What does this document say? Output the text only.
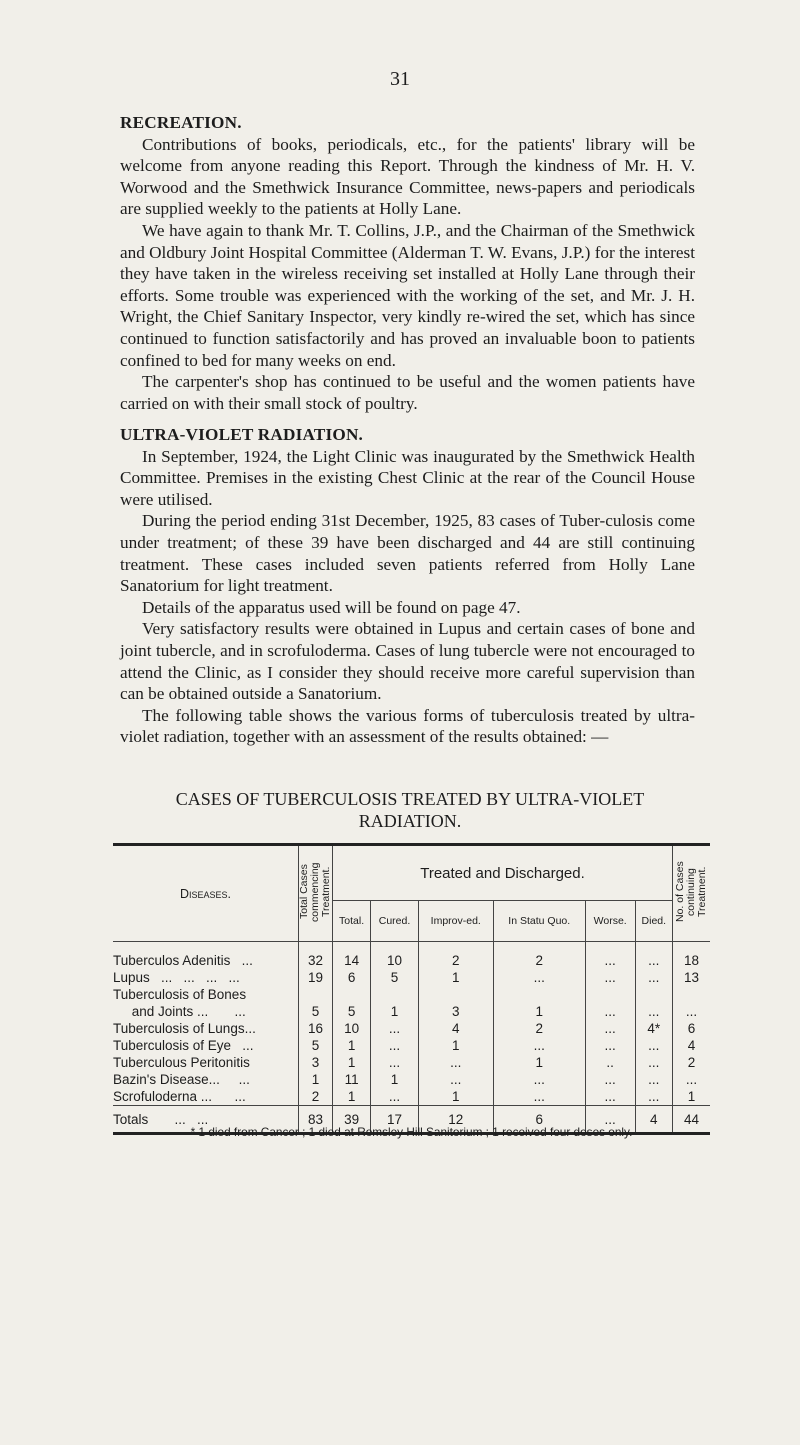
31

RECREATION.

Contributions of books, periodicals, etc., for the patients' library will be welcome from anyone reading this Report. Through the kindness of Mr. H. V. Worwood and the Smethwick Insurance Committee, news-papers and periodicals are supplied weekly to the patients at Holly Lane.

We have again to thank Mr. T. Collins, J.P., and the Chairman of the Smethwick and Oldbury Joint Hospital Committee (Alderman T. W. Evans, J.P.) for the interest they have taken in the wireless receiving set installed at Holly Lane through their efforts. Some trouble was experienced with the working of the set, and Mr. J. H. Wright, the Chief Sanitary Inspector, very kindly re-wired the set, which has since continued to function satisfactorily and has proved an invaluable boon to patients confined to bed for many weeks on end.

The carpenter's shop has continued to be useful and the women patients have carried on with their small stock of poultry.

ULTRA-VIOLET RADIATION.

In September, 1924, the Light Clinic was inaugurated by the Smethwick Health Committee. Premises in the existing Chest Clinic at the rear of the Council House were utilised.

During the period ending 31st December, 1925, 83 cases of Tuber-culosis come under treatment; of these 39 have been discharged and 44 are still continuing treatment. These cases included seven patients referred from Holly Lane Sanatorium for light treatment.

Details of the apparatus used will be found on page 47.

Very satisfactory results were obtained in Lupus and certain cases of bone and joint tubercle, and in scrofuloderma. Cases of lung tubercle were not encouraged to attend the Clinic, as I consider they should receive more careful supervision than can be obtained outside a Sanatorium.

The following table shows the various forms of tuberculosis treated by ultra-violet radiation, together with an assessment of the results obtained: —

CASES OF TUBERCULOSIS TREATED BY ULTRA-VIOLET
RADIATION.
Diseases.	Total Cases commencing Treatment.	Treated and Discharged.						No. of Cases continuing Treatment.
		Total.	Cured.	Improv-ed.	In Statu Quo.	Worse.	Died.	
Tuberculos Adenitis   ...	32	14	10	2	2	...	...	18
Lupus   ...   ...   ...   ...	19	6	5	1	...	...	...	13
Tuberculosis of Bones								
and Joints ...       ...	5	5	1	3	1	...	...	...
Tuberculosis of Lungs...	16	10	...	4	2	...	4*	6
Tuberculosis of Eye   ...	5	1	...	1	...	...	...	4
Tuberculous Peritonitis	3	1	...	...	1	..	...	2
Bazin's Disease...     ...	1	11	1	...	...	...	...	...
Scrofuloderna ...      ...	2	1	...	1	...	...	...	1
Totals       ...   ...	83	39	17	12	6	...	4	44
* 1 died from Cancer ; 1 died at Romsley Hill Sanitorium ; 1 received four doses only.
